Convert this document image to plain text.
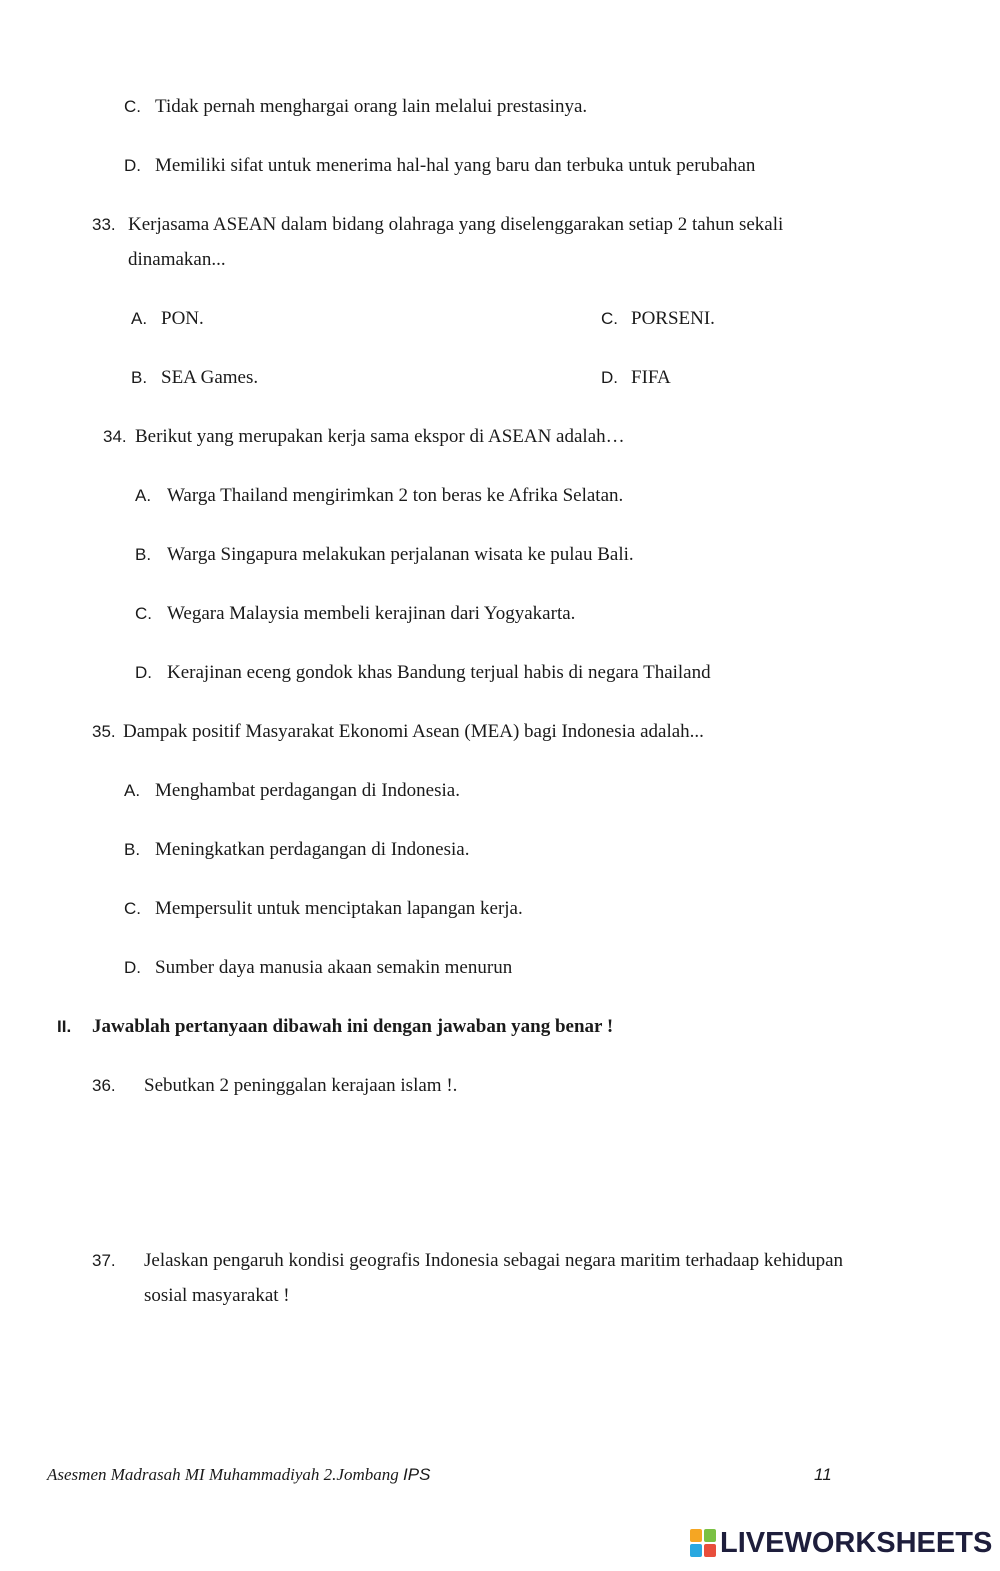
C. Tidak pernah menghargai orang lain melalui prestasinya.
D. Memiliki sifat untuk menerima hal-hal yang baru dan terbuka untuk perubahan
33. Kerjasama ASEAN dalam bidang olahraga yang diselenggarakan setiap 2 tahun sekali
dinamakan...
A. PON.	C. PORSENI.
B. SEA Games.	D. FIFA
34. Berikut yang merupakan kerja sama ekspor di ASEAN adalah…
A. Warga Thailand mengirimkan 2 ton beras ke Afrika Selatan.
B. Warga Singapura melakukan perjalanan wisata ke pulau Bali.
C. Wegara Malaysia membeli kerajinan dari Yogyakarta.
D. Kerajinan eceng gondok khas Bandung terjual habis di negara Thailand
35. Dampak positif Masyarakat Ekonomi Asean (MEA) bagi Indonesia adalah...
A. Menghambat perdagangan di Indonesia.
B. Meningkatkan perdagangan di Indonesia.
C. Mempersulit untuk menciptakan lapangan kerja.
D. Sumber daya manusia akaan semakin menurun
II. Jawablah pertanyaan dibawah ini dengan jawaban yang benar !
36. Sebutkan 2 peninggalan kerajaan islam !.
37. Jelaskan pengaruh kondisi geografis Indonesia sebagai negara maritim terhadaap kehidupan
sosial masyarakat !
Asesmen Madrasah MI Muhammadiyah 2.Jombang IPS	11
LIVEWORKSHEETS
